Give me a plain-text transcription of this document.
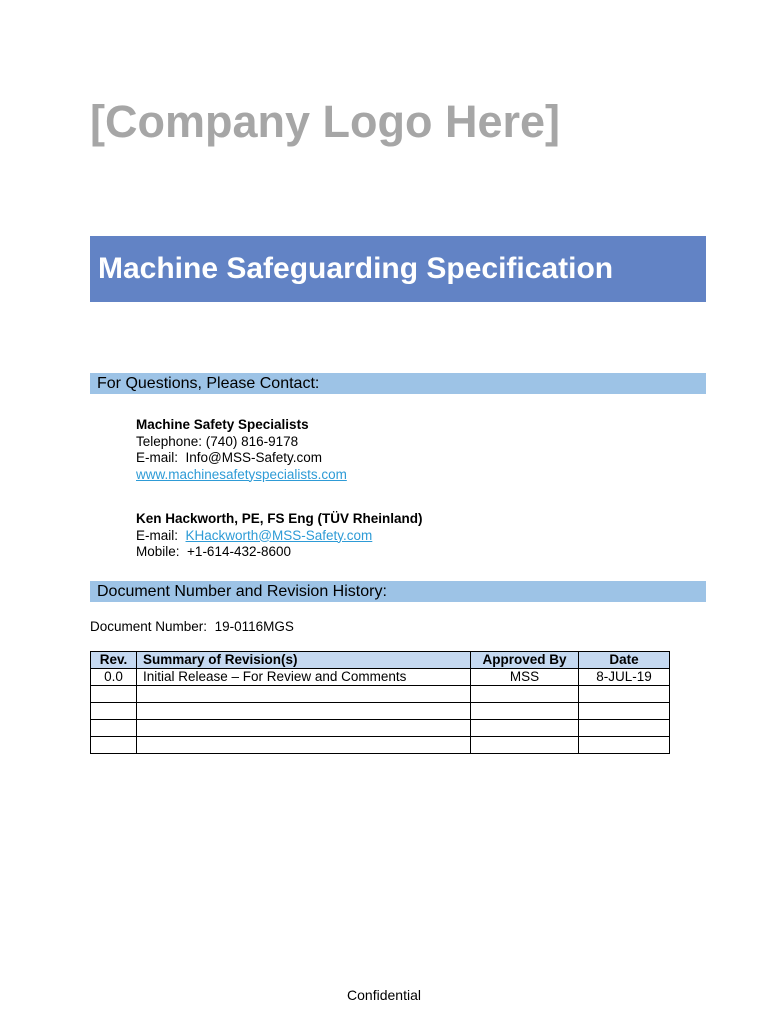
[Company Logo Here]
Machine Safeguarding Specification
For Questions, Please Contact:
Machine Safety Specialists
Telephone: (740) 816-9178
E-mail: Info@MSS-Safety.com
www.machinesafetyspecialists.com
Ken Hackworth, PE, FS Eng (TÜV Rheinland)
E-mail: KHackworth@MSS-Safety.com
Mobile: +1-614-432-8600
Document Number and Revision History:
Document Number: 19-0116MGS
Rev.	Summary of Revision(s)	Approved By	Date
0.0	Initial Release – For Review and Comments	MSS	8-JUL-19

Confidential
